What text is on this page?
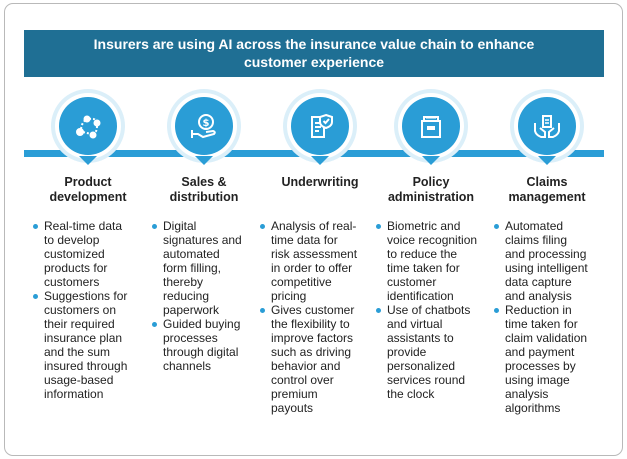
Insurers are using AI across the insurance value chain to enhance
customer experience
Product
development
Real-time data
to develop
customized
products for
customers
Suggestions for
customers on
their required
insurance plan
and the sum
insured through
usage-based
information
$
Sales &
distribution
Digital
signatures and
automated
form filling,
thereby
reducing
paperwork
Guided buying
processes
through digital
channels
Underwriting
Analysis of real-
time data for
risk assessment
in order to offer
competitive
pricing
Gives customer
the flexibility to
improve factors
such as driving
behavior and
control over
premium
payouts
Policy
administration
Biometric and
voice recognition
to reduce the
time taken for
customer
identification
Use of chatbots
and virtual
assistants to
provide
personalized
services round
the clock
Claims
management
Automated
claims filing
and processing
using intelligent
data capture
and analysis
Reduction in
time taken for
claim validation
and payment
processes by
using image
analysis
algorithms
